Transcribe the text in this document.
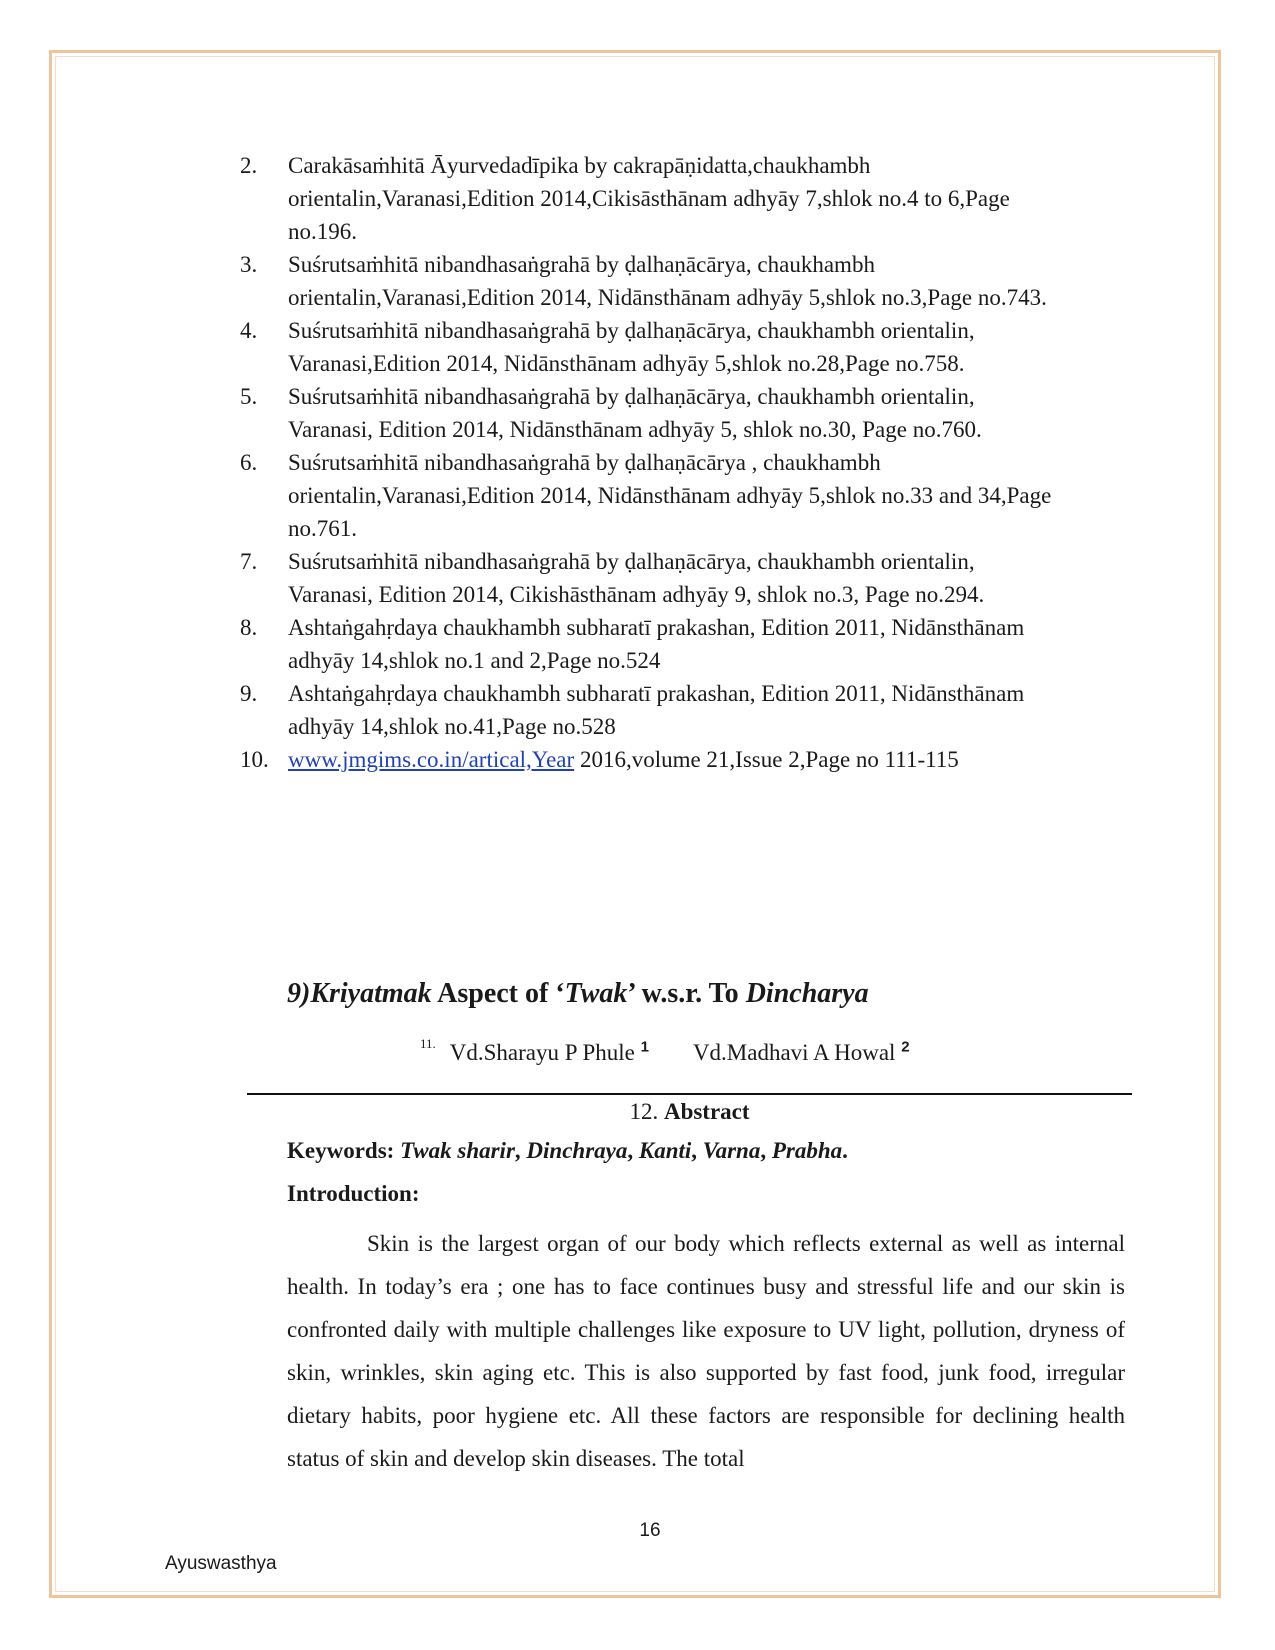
2.	Carakāsaṁhitā Āyurvedadīpika by cakrapāṇidatta,chaukhambh
orientalin,Varanasi,Edition 2014,Cikisāsthānam adhyāy 7,shlok no.4 to 6,Page
no.196.
3.	Suśrutsaṁhitā nibandhasaṅgrahā by ḍalhaṇācārya, chaukhambh
orientalin,Varanasi,Edition 2014, Nidānsthānam adhyāy 5,shlok no.3,Page no.743.
4.	Suśrutsaṁhitā nibandhasaṅgrahā by ḍalhaṇācārya, chaukhambh orientalin,
Varanasi,Edition 2014, Nidānsthānam adhyāy 5,shlok no.28,Page no.758.
5.	Suśrutsaṁhitā nibandhasaṅgrahā by ḍalhaṇācārya, chaukhambh orientalin,
Varanasi, Edition 2014, Nidānsthānam adhyāy 5, shlok no.30, Page no.760.
6.	Suśrutsaṁhitā nibandhasaṅgrahā by ḍalhaṇācārya , chaukhambh
orientalin,Varanasi,Edition 2014, Nidānsthānam adhyāy 5,shlok no.33 and 34,Page
no.761.
7.	Suśrutsaṁhitā nibandhasaṅgrahā by ḍalhaṇācārya, chaukhambh orientalin,
Varanasi, Edition 2014, Cikishāsthānam adhyāy 9, shlok no.3, Page no.294.
8.	Ashtaṅgahṛdaya chaukhambh subharatī prakashan, Edition 2011, Nidānsthānam
adhyāy 14,shlok no.1 and 2,Page no.524
9.	Ashtaṅgahṛdaya chaukhambh subharatī prakashan, Edition 2011, Nidānsthānam
adhyāy 14,shlok no.41,Page no.528
10. www.jmgims.co.in/artical,Year 2016,volume 21,Issue 2,Page no 111-115
9)Kriyatmak Aspect of ‘Twak’ w.s.r. To Dincharya
$^{11.}$ Vd.Sharayu P Phule $^1$ Vd.Madhavi A Howal $^2$
12. Abstract
Keywords: Twak sharir, Dinchraya, Kanti, Varna, Prabha.
Introduction:

Skin is the largest organ of our body which reflects external as well as internal health. In today’s era ; one has to face continues busy and stressful life and our skin is confronted daily with multiple challenges like exposure to UV light, pollution, dryness of skin, wrinkles, skin aging etc. This is also supported by fast food, junk food, irregular dietary habits, poor hygiene etc. All these factors are responsible for declining health status of skin and develop skin diseases. The total

16
Ayuswasthya
